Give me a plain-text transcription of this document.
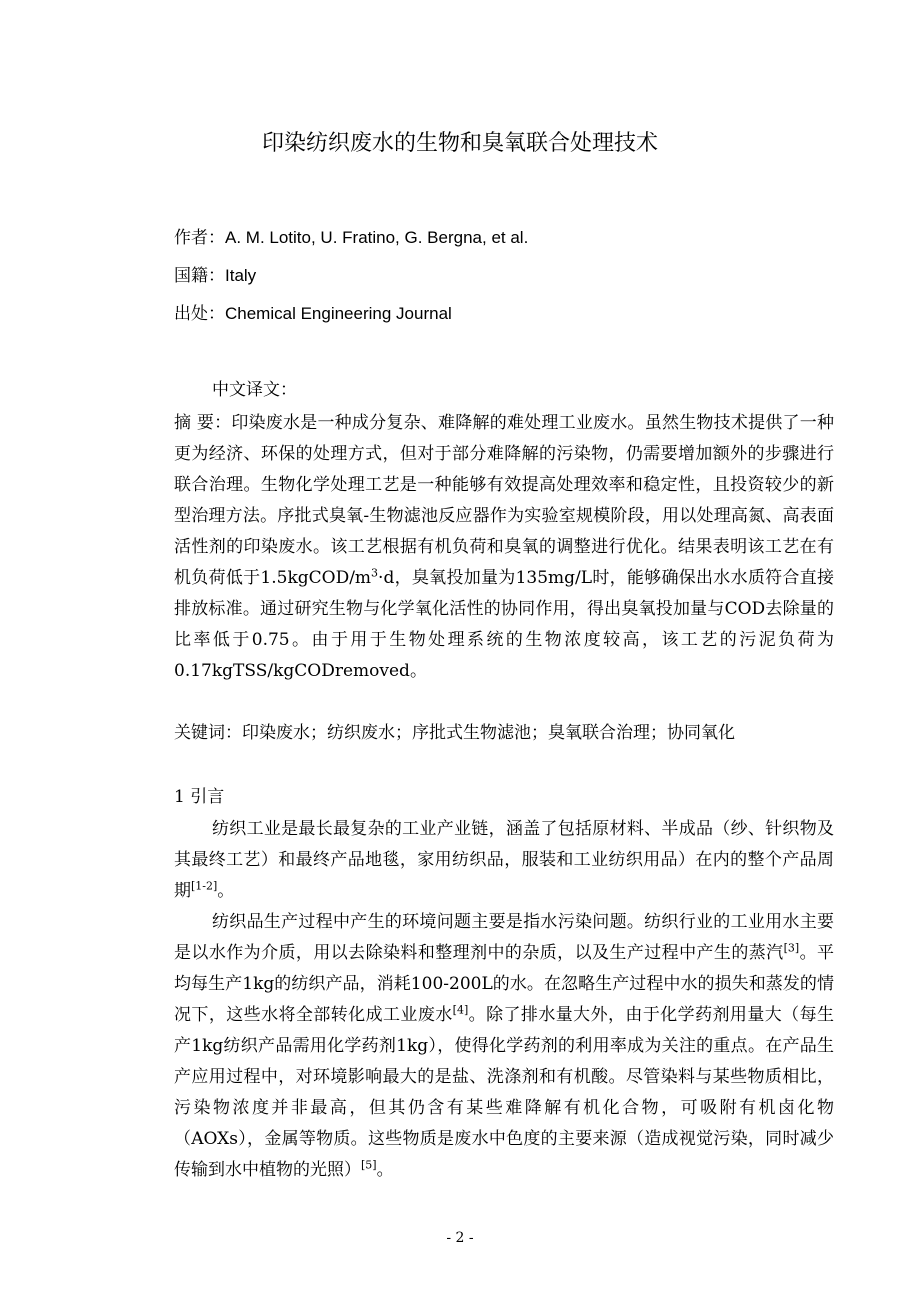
印染纺织废水的生物和臭氧联合处理技术
作者：A. M. Lotito, U. Fratino, G. Bergna, et al.
国籍：Italy
出处：Chemical Engineering Journal
中文译文：
摘 要：印染废水是一种成分复杂、难降解的难处理工业废水。虽然生物技术提供了一种更为经济、环保的处理方式，但对于部分难降解的污染物，仍需要增加额外的步骤进行联合治理。生物化学处理工艺是一种能够有效提高处理效率和稳定性，且投资较少的新型治理方法。序批式臭氧-生物滤池反应器作为实验室规模阶段，用以处理高氮、高表面活性剂的印染废水。该工艺根据有机负荷和臭氧的调整进行优化。结果表明该工艺在有机负荷低于$1.5kgCOD/m^3\cdot d$，臭氧投加量为135mg/L时，能够确保出水水质符合直接排放标准。通过研究生物与化学氧化活性的协同作用，得出臭氧投加量与COD去除量的比率低于0.75。由于用于生物处理系统的生物浓度较高，该工艺的污泥负荷为0.17kgTSS/kgCODremoved。
关键词：印染废水；纺织废水；序批式生物滤池；臭氧联合治理；协同氧化
1 引言

纺织工业是最长最复杂的工业产业链，涵盖了包括原材料、半成品（纱、针织物及其最终工艺）和最终产品地毯，家用纺织品，服装和工业纺织用品）在内的整个产品周期[1-2]。

纺织品生产过程中产生的环境问题主要是指水污染问题。纺织行业的工业用水主要是以水作为介质，用以去除染料和整理剂中的杂质，以及生产过程中产生的蒸汽[3]。平均每生产1kg的纺织产品，消耗100-200L的水。在忽略生产过程中水的损失和蒸发的情况下，这些水将全部转化成工业废水[4]。除了排水量大外，由于化学药剂用量大（每生产1kg纺织产品需用化学药剂1kg），使得化学药剂的利用率成为关注的重点。在产品生产应用过程中，对环境影响最大的是盐、洗涤剂和有机酸。尽管染料与某些物质相比，污染物浓度并非最高，但其仍含有某些难降解有机化合物，可吸附有机卤化物（AOXs），金属等物质。这些物质是废水中色度的主要来源（造成视觉污染，同时减少传输到水中植物的光照）[5]。

- 2 -
